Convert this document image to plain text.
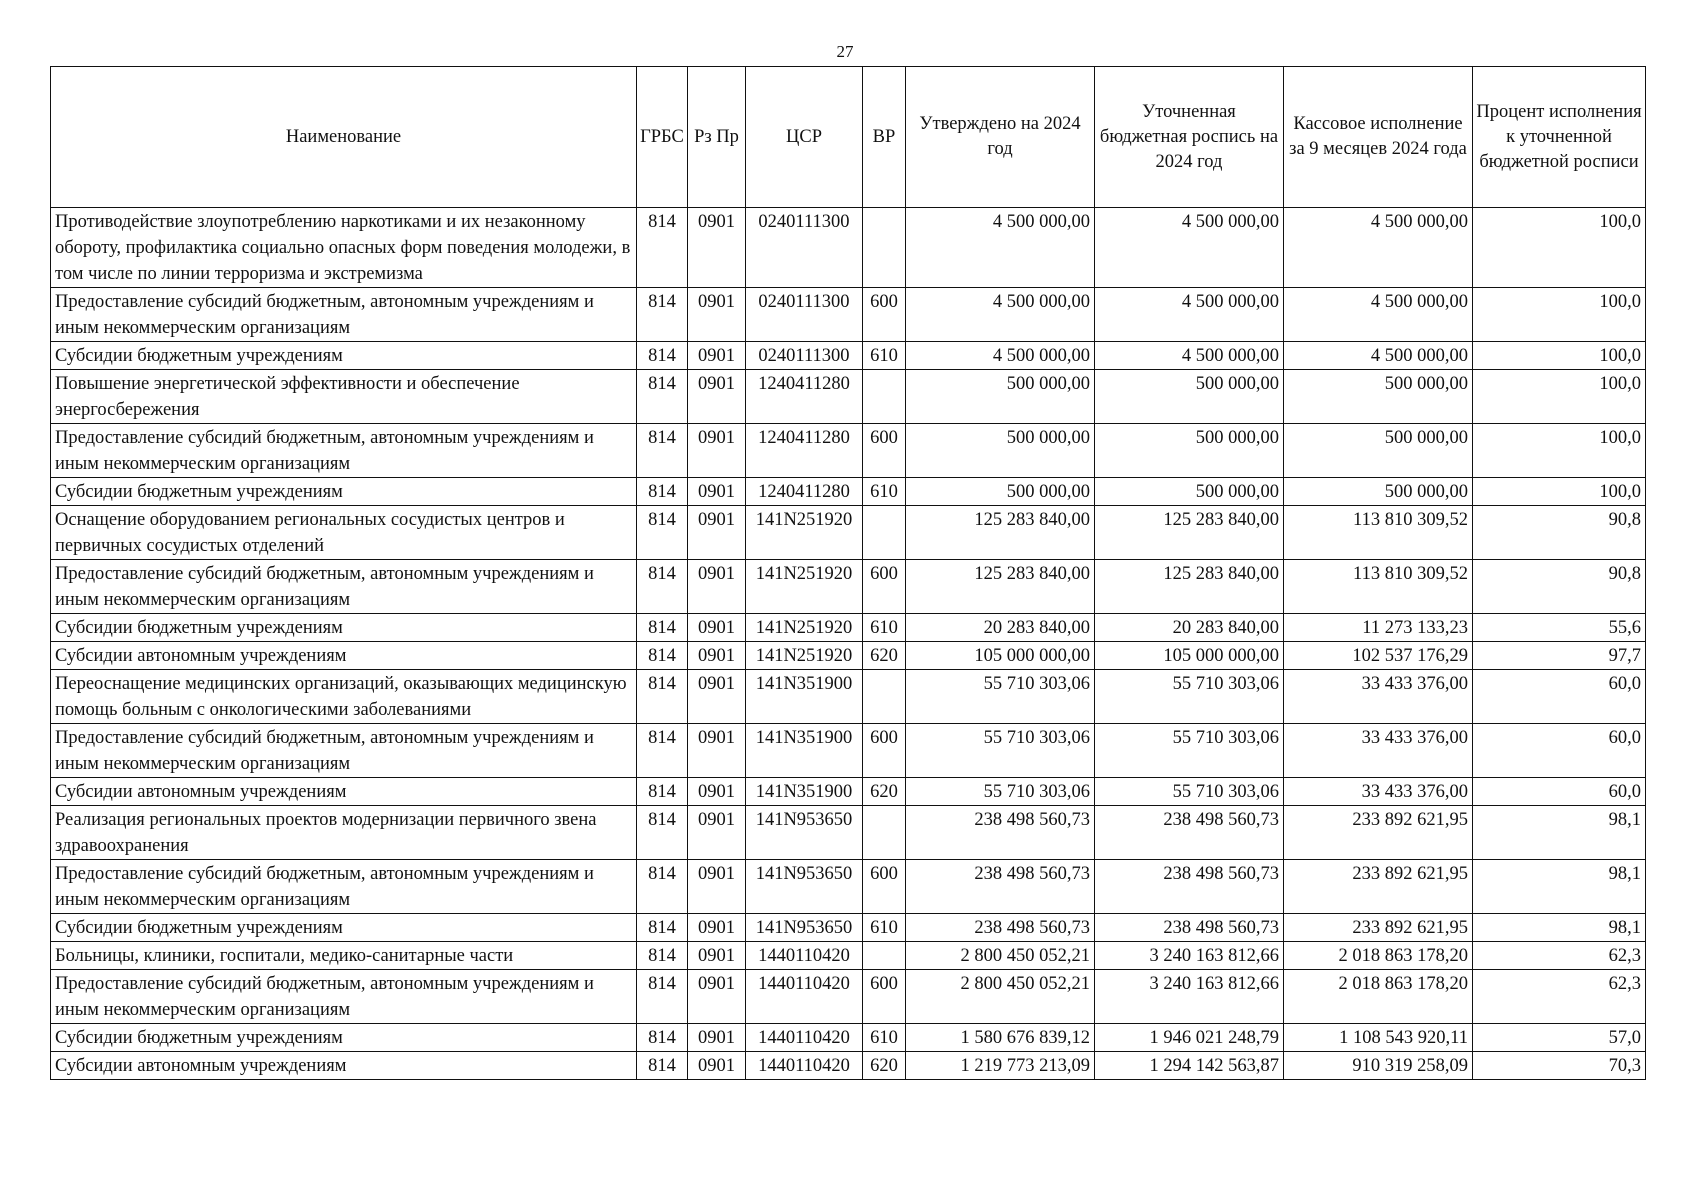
27
Наименование	ГРБС	Рз Пр	ЦСР	ВР	Утверждено на 2024 год	Уточненная бюджетная роспись на 2024 год	Кассовое исполнение за 9 месяцев 2024 года	Процент исполнения к уточненной бюджетной росписи
Противодействие злоупотреблению наркотиками и их незаконному обороту, профилактика социально опасных форм поведения молодежи, в том числе по линии терроризма и экстремизма	814	0901	0240111300		4 500 000,00	4 500 000,00	4 500 000,00	100,0
Предоставление субсидий бюджетным, автономным учреждениям и иным некоммерческим организациям	814	0901	0240111300	600	4 500 000,00	4 500 000,00	4 500 000,00	100,0
Субсидии бюджетным учреждениям	814	0901	0240111300	610	4 500 000,00	4 500 000,00	4 500 000,00	100,0
Повышение энергетической эффективности и обеспечение энергосбережения	814	0901	1240411280		500 000,00	500 000,00	500 000,00	100,0
Предоставление субсидий бюджетным, автономным учреждениям и иным некоммерческим организациям	814	0901	1240411280	600	500 000,00	500 000,00	500 000,00	100,0
Субсидии бюджетным учреждениям	814	0901	1240411280	610	500 000,00	500 000,00	500 000,00	100,0
Оснащение оборудованием региональных сосудистых центров и первичных сосудистых отделений	814	0901	141N251920		125 283 840,00	125 283 840,00	113 810 309,52	90,8
Предоставление субсидий бюджетным, автономным учреждениям и иным некоммерческим организациям	814	0901	141N251920	600	125 283 840,00	125 283 840,00	113 810 309,52	90,8
Субсидии бюджетным учреждениям	814	0901	141N251920	610	20 283 840,00	20 283 840,00	11 273 133,23	55,6
Субсидии автономным учреждениям	814	0901	141N251920	620	105 000 000,00	105 000 000,00	102 537 176,29	97,7
Переоснащение медицинских организаций, оказывающих медицинскую помощь больным с онкологическими заболеваниями	814	0901	141N351900		55 710 303,06	55 710 303,06	33 433 376,00	60,0
Предоставление субсидий бюджетным, автономным учреждениям и иным некоммерческим организациям	814	0901	141N351900	600	55 710 303,06	55 710 303,06	33 433 376,00	60,0
Субсидии автономным учреждениям	814	0901	141N351900	620	55 710 303,06	55 710 303,06	33 433 376,00	60,0
Реализация региональных проектов модернизации первичного звена здравоохранения	814	0901	141N953650		238 498 560,73	238 498 560,73	233 892 621,95	98,1
Предоставление субсидий бюджетным, автономным учреждениям и иным некоммерческим организациям	814	0901	141N953650	600	238 498 560,73	238 498 560,73	233 892 621,95	98,1
Субсидии бюджетным учреждениям	814	0901	141N953650	610	238 498 560,73	238 498 560,73	233 892 621,95	98,1
Больницы, клиники, госпитали, медико-санитарные части	814	0901	1440110420		2 800 450 052,21	3 240 163 812,66	2 018 863 178,20	62,3
Предоставление субсидий бюджетным, автономным учреждениям и иным некоммерческим организациям	814	0901	1440110420	600	2 800 450 052,21	3 240 163 812,66	2 018 863 178,20	62,3
Субсидии бюджетным учреждениям	814	0901	1440110420	610	1 580 676 839,12	1 946 021 248,79	1 108 543 920,11	57,0
Субсидии автономным учреждениям	814	0901	1440110420	620	1 219 773 213,09	1 294 142 563,87	910 319 258,09	70,3
